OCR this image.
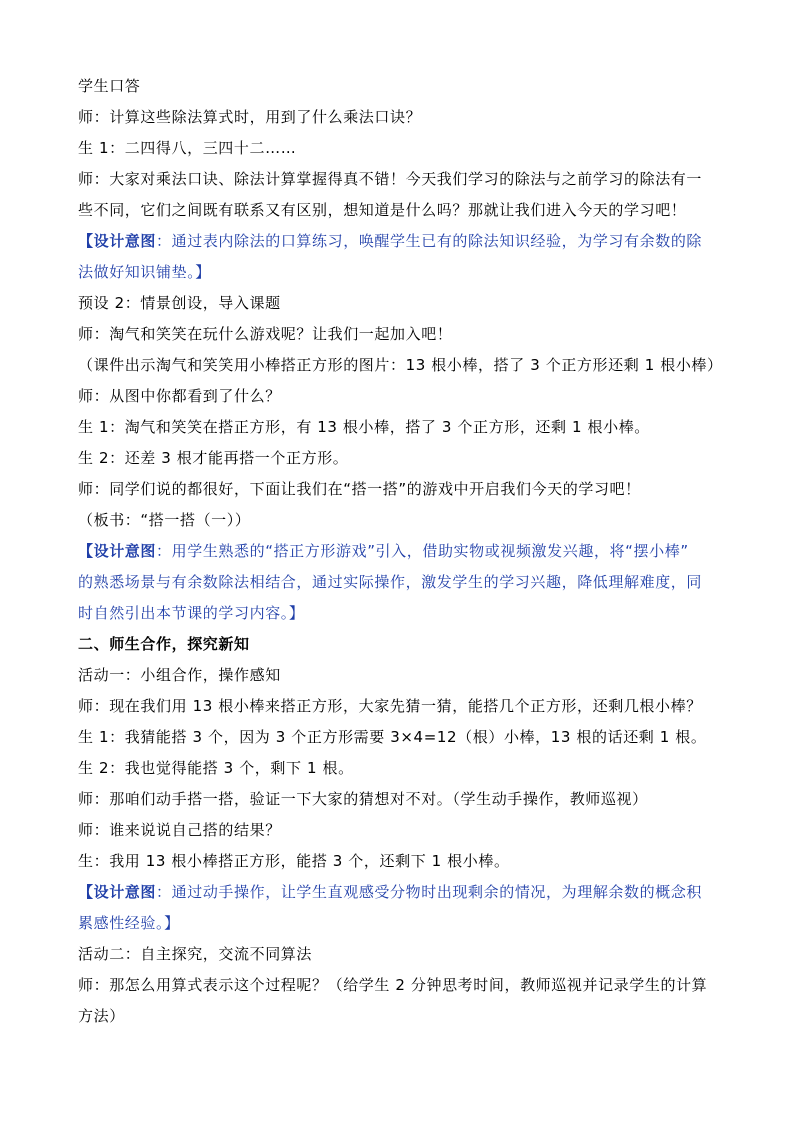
学生口答
师：计算这些除法算式时，用到了什么乘法口诀？
生 1：二四得八，三四十二……
师：大家对乘法口诀、除法计算掌握得真不错！今天我们学习的除法与之前学习的除法有一
些不同，它们之间既有联系又有区别，想知道是什么吗？那就让我们进入今天的学习吧！
【设计意图：通过表内除法的口算练习，唤醒学生已有的除法知识经验，为学习有余数的除
法做好知识铺垫。】
预设 2：情景创设，导入课题
师：淘气和笑笑在玩什么游戏呢？让我们一起加入吧！
（课件出示淘气和笑笑用小棒搭正方形的图片：13 根小棒，搭了 3 个正方形还剩 1 根小棒）
师：从图中你都看到了什么？
生 1：淘气和笑笑在搭正方形，有 13 根小棒，搭了 3 个正方形，还剩 1 根小棒。
生 2：还差 3 根才能再搭一个正方形。
师：同学们说的都很好，下面让我们在“搭一搭”的游戏中开启我们今天的学习吧！
（板书：“搭一搭（一））
【设计意图：用学生熟悉的“搭正方形游戏”引入，借助实物或视频激发兴趣，将“摆小棒”
的熟悉场景与有余数除法相结合，通过实际操作，激发学生的学习兴趣，降低理解难度，同
时自然引出本节课的学习内容。】
二、师生合作，探究新知
活动一：小组合作，操作感知
师：现在我们用 13 根小棒来搭正方形，大家先猜一猜，能搭几个正方形，还剩几根小棒？
生 1：我猜能搭 3 个，因为 3 个正方形需要 3×4=12（根）小棒，13 根的话还剩 1 根。
生 2：我也觉得能搭 3 个，剩下 1 根。
师：那咱们动手搭一搭，验证一下大家的猜想对不对。（学生动手操作，教师巡视）
师：谁来说说自己搭的结果？
生：我用 13 根小棒搭正方形，能搭 3 个，还剩下 1 根小棒。
【设计意图：通过动手操作，让学生直观感受分物时出现剩余的情况，为理解余数的概念积
累感性经验。】
活动二：自主探究，交流不同算法
师：那怎么用算式表示这个过程呢？（给学生 2 分钟思考时间，教师巡视并记录学生的计算
方法）
